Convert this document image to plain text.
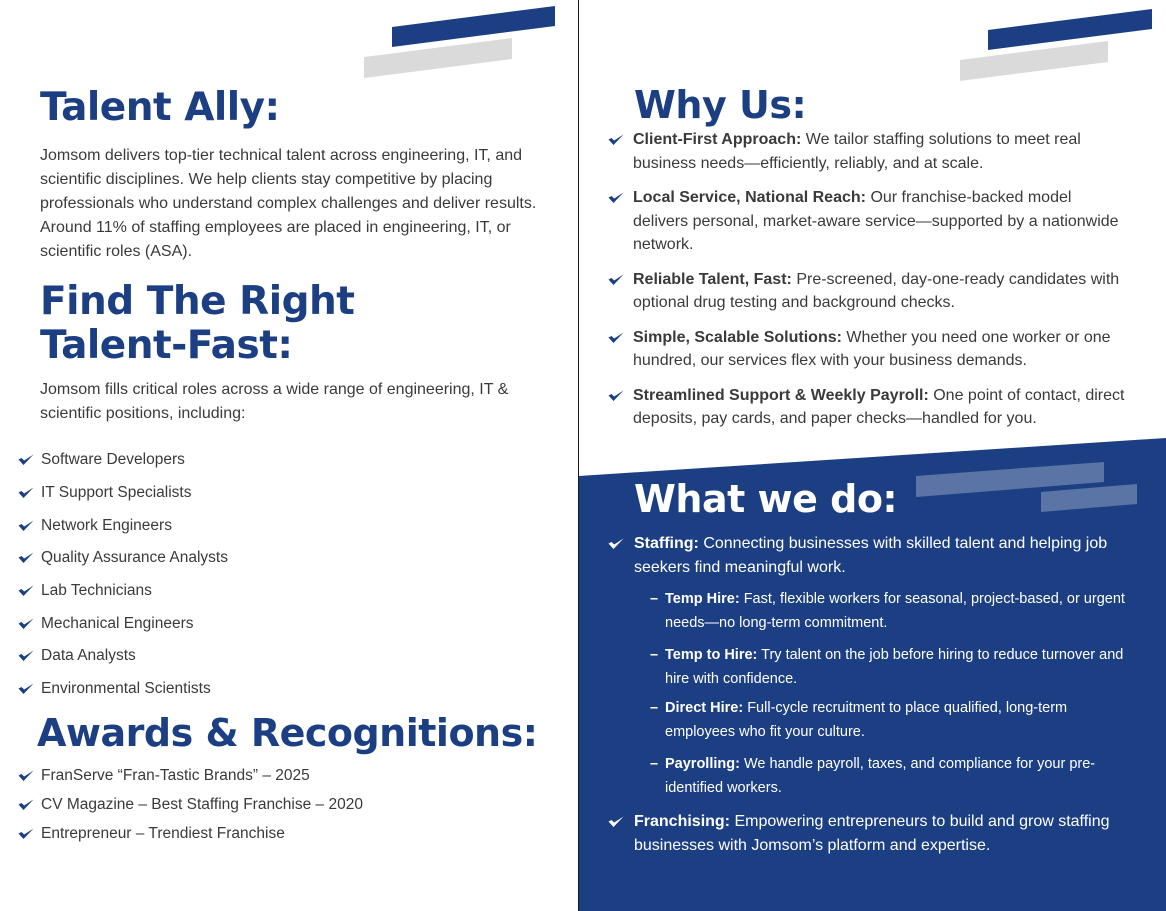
Talent Ally:

Jomsom delivers top-tier technical talent across engineering, IT, and scientific disciplines. We help clients stay competitive by placing professionals who understand complex challenges and deliver results. Around 11% of staffing employees are placed in engineering, IT, or scientific roles (ASA).

Find The Right
Talent-Fast:

Jomsom fills critical roles across a wide range of engineering, IT & scientific positions, including:

Software Developers
IT Support Specialists
Network Engineers
Quality Assurance Analysts
Lab Technicians
Mechanical Engineers
Data Analysts
Environmental Scientists
Awards & Recognitions:
FranServe “Fran-Tastic Brands” – 2025
CV Magazine – Best Staffing Franchise – 2020
Entrepreneur – Trendiest Franchise
Why Us:
Client-First Approach: We tailor staffing solutions to meet real business needs—efficiently, reliably, and at scale.
Local Service, National Reach: Our franchise-backed model delivers personal, market-aware service—supported by a nationwide network.
Reliable Talent, Fast: Pre-screened, day-one-ready candidates with optional drug testing and background checks.
Simple, Scalable Solutions: Whether you need one worker or one hundred, our services flex with your business demands.
Streamlined Support & Weekly Payroll: One point of contact, direct deposits, pay cards, and paper checks—handled for you.
What we do:
Staffing: Connecting businesses with skilled talent and helping job seekers find meaningful work.
– Temp Hire: Fast, flexible workers for seasonal, project-based, or urgent needs—no long-term commitment.
– Temp to Hire: Try talent on the job before hiring to reduce turnover and hire with confidence.
– Direct Hire: Full-cycle recruitment to place qualified, long-term employees who fit your culture.
– Payrolling: We handle payroll, taxes, and compliance for your pre-identified workers.
Franchising: Empowering entrepreneurs to build and grow staffing businesses with Jomsom’s platform and expertise.
